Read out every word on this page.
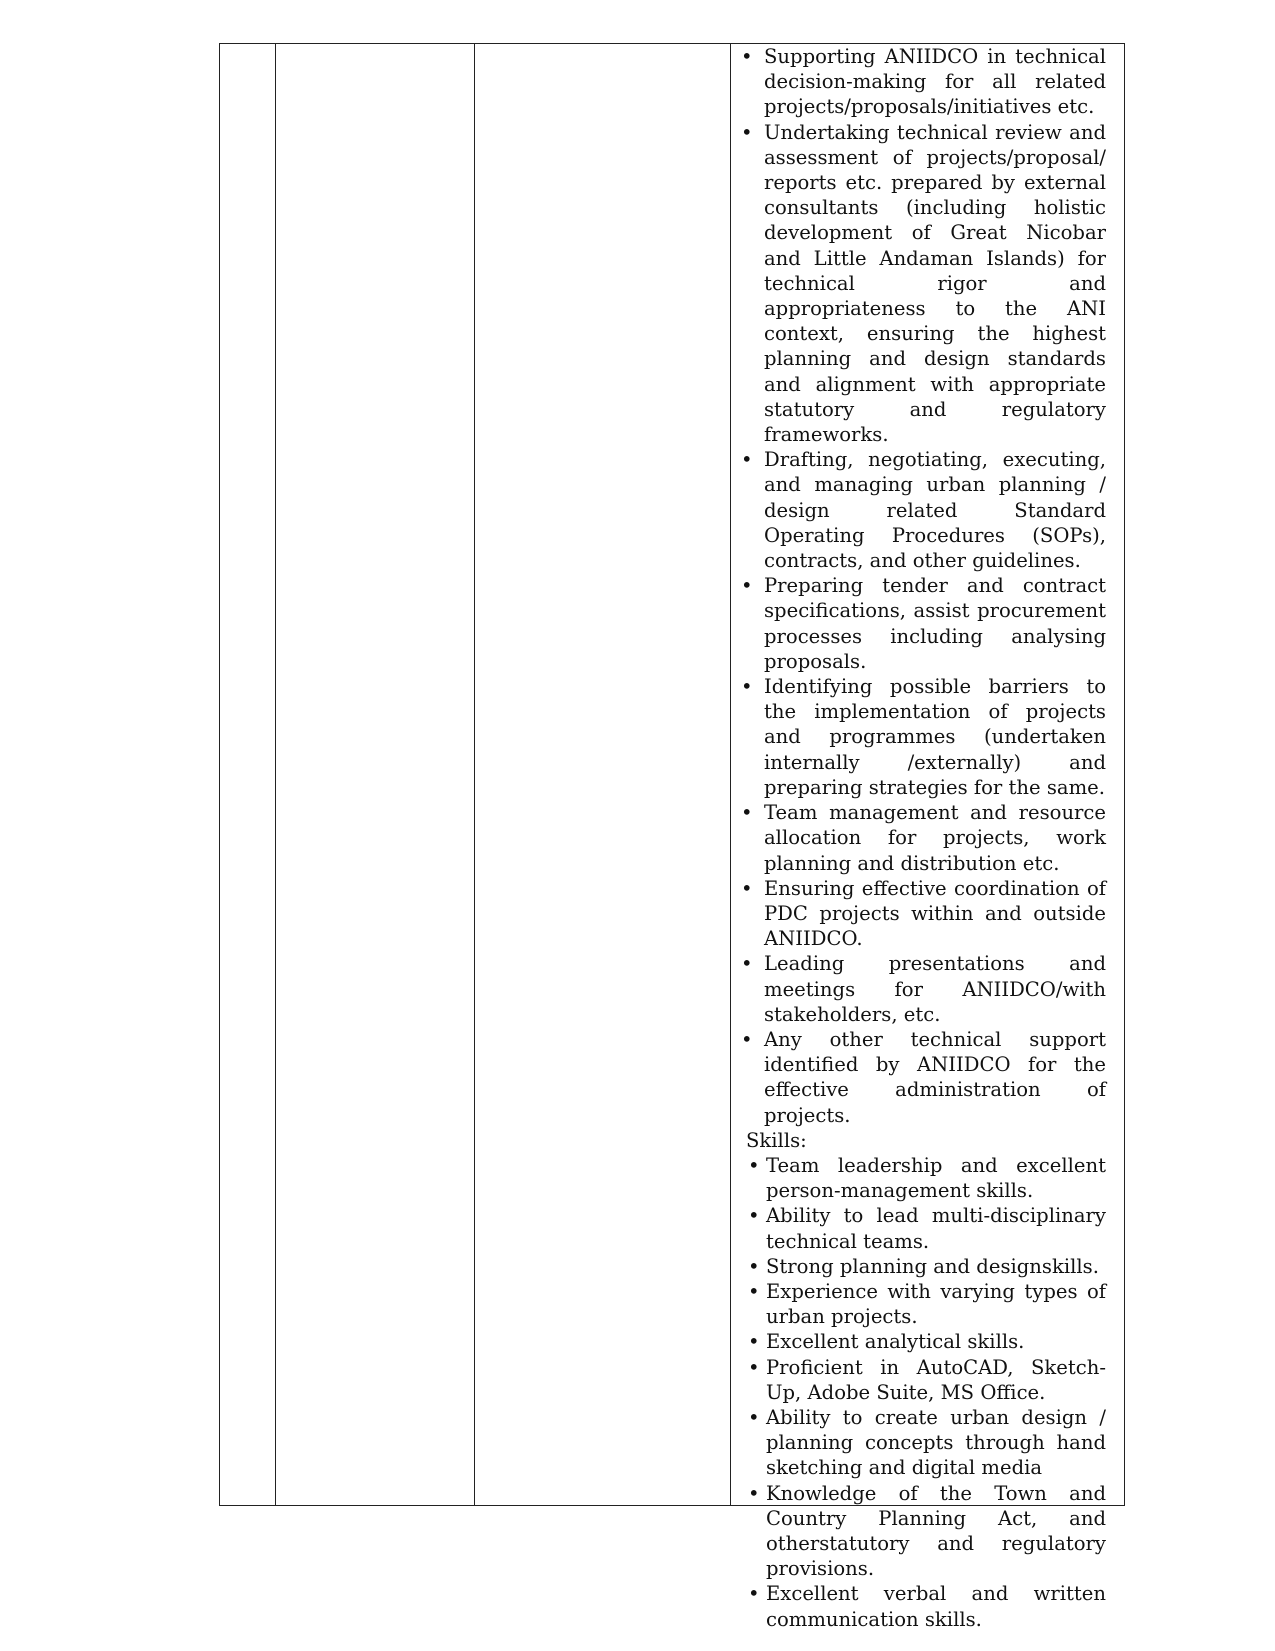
• Supporting ANIIDCO in technical decision-making for all related projects/proposals/initiatives etc.
• Undertaking technical review and assessment of projects/proposal/ reports etc. prepared by external consultants (including holistic development of Great Nicobar and Little Andaman Islands) for technical rigor and appropriateness to the ANI context, ensuring the highest planning and design standards and alignment with appropriate statutory and regulatory frameworks.
• Drafting, negotiating, executing, and managing urban planning / design related Standard Operating Procedures (SOPs), contracts, and other guidelines.
• Preparing tender and contract specifications, assist procurement processes including analysing proposals.
• Identifying possible barriers to the implementation of projects and programmes (undertaken internally /externally) and preparing strategies for the same.
• Team management and resource allocation for projects, work planning and distribution etc.
• Ensuring effective coordination of PDC projects within and outside ANIIDCO.
• Leading presentations and meetings for ANIIDCO/with stakeholders, etc.
• Any other technical support identified by ANIIDCO for the effective administration of projects.
Skills:
• Team leadership and excellent person-management skills.
• Ability to lead multi-disciplinary technical teams.
• Strong planning and designskills.
• Experience with varying types of urban projects.
• Excellent analytical skills.
• Proficient in AutoCAD, Sketch- Up, Adobe Suite, MS Office.
• Ability to create urban design / planning concepts through hand sketching and digital media
• Knowledge of the Town and Country Planning Act, and otherstatutory and regulatory provisions.
• Excellent verbal and written communication skills.
